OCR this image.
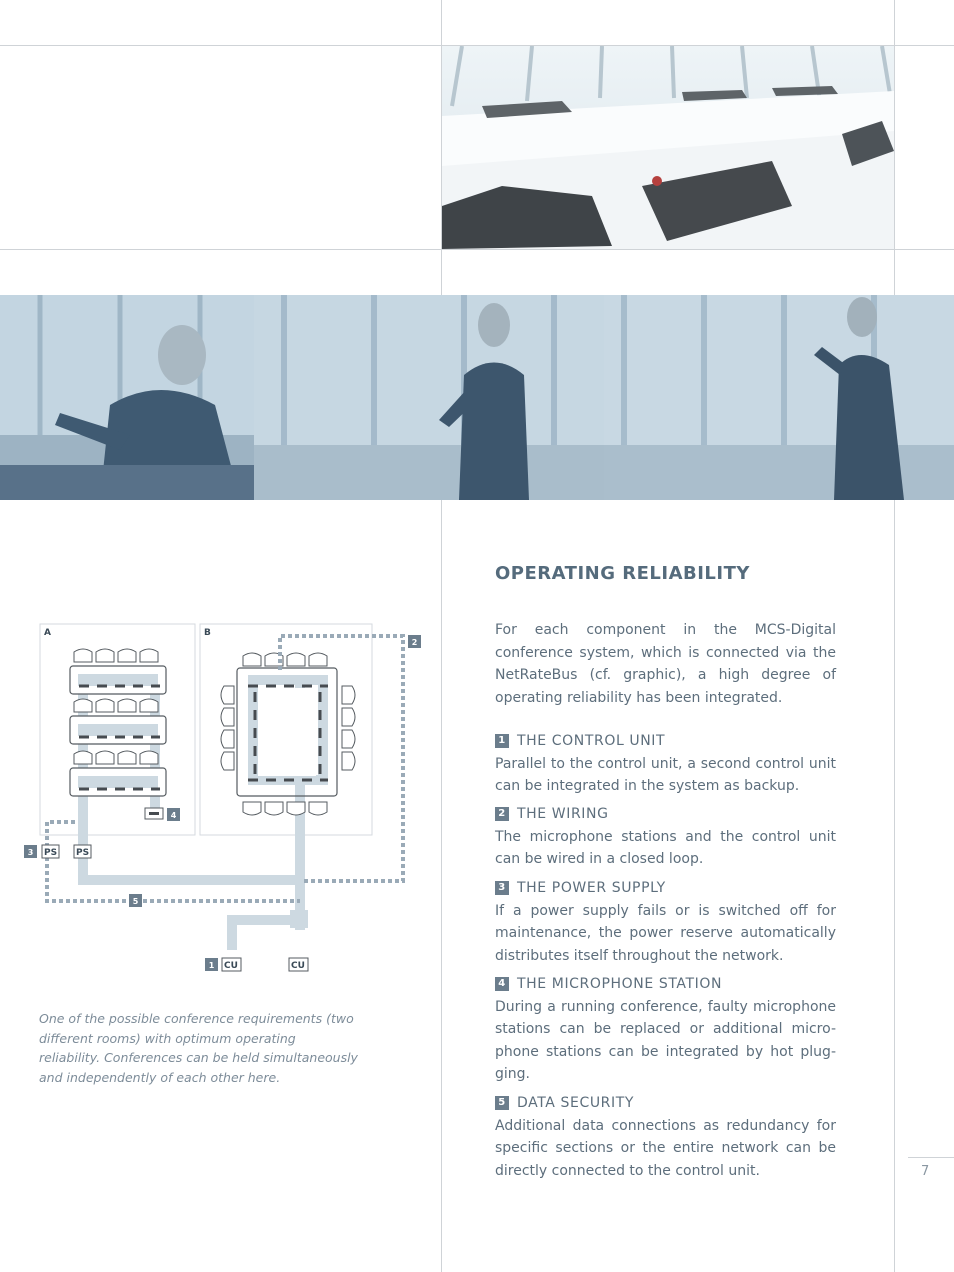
A	B
PS PS
CU	CU
1
2
3
4
5

One of the possible conference requirements (two different rooms) with optimum operating reliability. Conferences can be held simultaneously and independently of each other here.

OPERATING RELIABILITY

For each component in the MCS-Digital conference system, which is connected via the NetRateBus (cf. graphic), a high degree of operating reliability has been integrated.

1 THE CONTROL UNIT
Parallel to the control unit, a second control unit can be integrated in the system as backup.
2 THE WIRING
The microphone stations and the control unit can be wired in a closed loop.
3 THE POWER SUPPLY
If a power supply fails or is switched off for maintenance, the power reserve automatically distributes itself throughout the network.
4 THE MICROPHONE STATION
During a running conference, faulty microphone stations can be replaced or additional micro-phone stations can be integrated by hot plug-ging.
5 DATA SECURITY
Additional data connections as redundancy for specific sections or the entire network can be directly connected to the control unit.	7
